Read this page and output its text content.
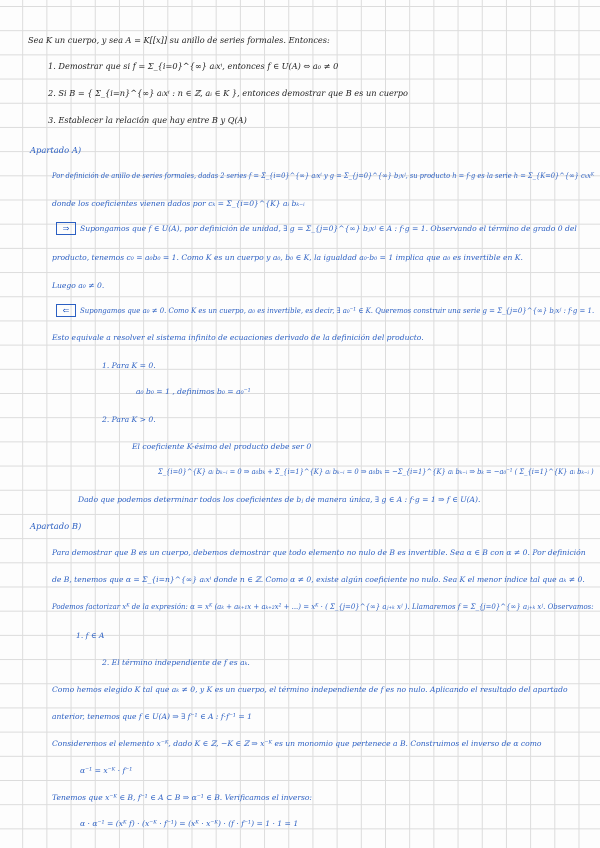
Sea K un cuerpo, y sea A = K[[x]] su anillo de series formales. Entonces:
1. Demostrar que si f = Σ_{i=0}^{∞} aᵢxⁱ, entonces f ∈ U(A) ⇔ a₀ ≠ 0
2. Si B = { Σ_{i=n}^{∞} aᵢxⁱ : n ∈ ℤ, aᵢ ∈ K }, entonces demostrar que B es un cuerpo
3. Establecer la relación que hay entre B y Q(A)
Apartado A)
Por definición de anillo de series formales, dadas 2 series f = Σ_{i=0}^{∞} aᵢxⁱ y g = Σ_{j=0}^{∞} bⱼxʲ, su producto h = f·g es la serie h = Σ_{K=0}^{∞} cₖxᴷ
donde los coeficientes vienen dados por cₖ = Σ_{i=0}^{K} aᵢ bₖ₋ᵢ
⇒	Supongamos que f ∈ U(A), por definición de unidad, ∃ g = Σ_{j=0}^{∞} bⱼxʲ ∈ A : f·g = 1. Observando el término de grado 0 del
producto, tenemos c₀ = a₀b₀ = 1. Como K es un cuerpo y a₀, b₀ ∈ K, la igualdad a₀·b₀ = 1 implica que a₀ es invertible en K.
Luego a₀ ≠ 0.
⇐	Supongamos que a₀ ≠ 0. Como K es un cuerpo, a₀ es invertible, es decir, ∃ a₀⁻¹ ∈ K. Queremos construir una serie g = Σ_{j=0}^{∞} bⱼxʲ : f·g = 1.
Esto equivale a resolver el sistema infinito de ecuaciones derivado de la definición del producto.
1. Para K = 0.
a₀ b₀ = 1 , definimos b₀ = a₀⁻¹
2. Para K > 0.
El coeficiente K-ésimo del producto debe ser 0
Σ_{i=0}^{K} aᵢ bₖ₋ᵢ = 0 ⇒ a₀bₖ + Σ_{i=1}^{K} aᵢ bₖ₋ᵢ = 0 ⇒ a₀bₖ = −Σ_{i=1}^{K} aᵢ bₖ₋ᵢ ⇒ bₖ = −a₀⁻¹ ( Σ_{i=1}^{K} aᵢ bₖ₋ᵢ )
Dado que podemos determinar todos los coeficientes de bⱼ de manera única, ∃ g ∈ A : f·g = 1 ⇒ f ∈ U(A).
Apartado B)
Para demostrar que B es un cuerpo, debemos demostrar que todo elemento no nulo de B es invertible. Sea α ∈ B con α ≠ 0. Por definición
de B, tenemos que α = Σ_{i=n}^{∞} aᵢxⁱ donde n ∈ ℤ. Como α ≠ 0, existe algún coeficiente no nulo. Sea K el menor índice tal que aₖ ≠ 0.
Podemos factorizar xᴷ de la expresión: α = xᴷ (aₖ + aₖ₊₁x + aₖ₊₂x² + ...) = xᴷ · ( Σ_{j=0}^{∞} aⱼ₊ₖ xʲ ). Llamaremos f = Σ_{j=0}^{∞} aⱼ₊ₖ xʲ. Observamos:
1. f ∈ A
2. El término independiente de f es aₖ.
Como hemos elegido K tal que aₖ ≠ 0, y K es un cuerpo, el término independiente de f es no nulo. Aplicando el resultado del apartado
anterior, tenemos que f ∈ U(A) ⇒ ∃ f⁻¹ ∈ A : f·f⁻¹ = 1
Consideremos el elemento x⁻ᴷ, dado K ∈ ℤ, −K ∈ ℤ ⇒ x⁻ᴷ es un monomio que pertenece a B. Construimos el inverso de α como
α⁻¹ = x⁻ᴷ · f⁻¹
Tenemos que x⁻ᴷ ∈ B, f⁻¹ ∈ A ⊂ B ⇒ α⁻¹ ∈ B. Verificamos el inverso:
α · α⁻¹ = (xᴷ f) · (x⁻ᴷ · f⁻¹) = (xᴷ · x⁻ᴷ) · (f · f⁻¹) = 1 · 1 = 1
